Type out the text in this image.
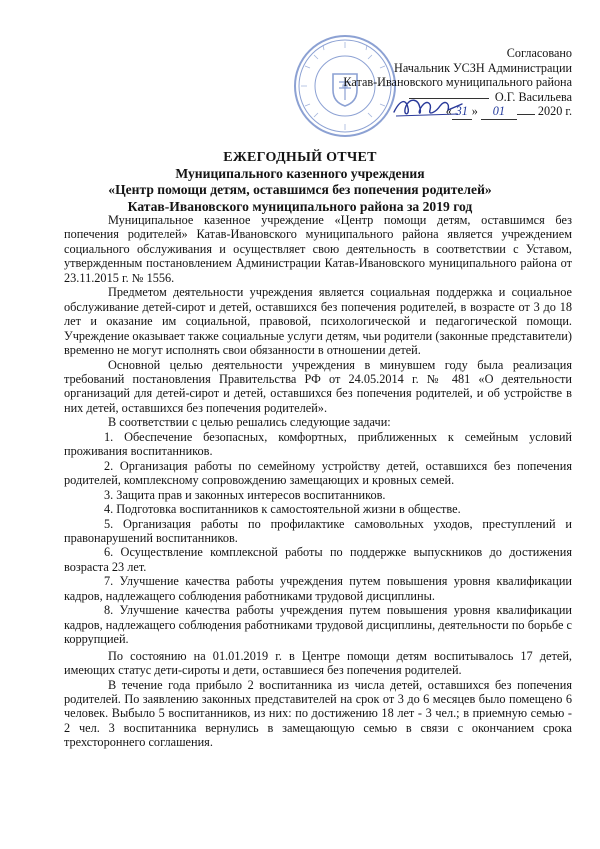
Согласовано
Начальник УСЗН Администрации
Катав-Ивановского муниципального района
О.Г. Васильева
« 31 » 01	2020 г.
ЕЖЕГОДНЫЙ ОТЧЕТ
Муниципального казенного учреждения
«Центр помощи детям, оставшимся без попечения родителей»
Катав-Ивановского муниципального района за 2019 год

Муниципальное казенное учреждение «Центр помощи детям, оставшимся без попечения родителей» Катав-Ивановского муниципального района является учреждением социального обслуживания и осуществляет свою деятельность в соответствии с Уставом, утвержденным постановлением Администрации Катав-Ивановского муниципального района от 23.11.2015 г. № 1556.

Предметом деятельности учреждения является социальная поддержка и социальное обслуживание детей-сирот и детей, оставшихся без попечения родителей, в возрасте от 3 до 18 лет и оказание им социальной, правовой, психологической и педагогической помощи. Учреждение оказывает также социальные услуги детям, чьи родители (законные представители) временно не могут исполнять свои обязанности в отношении детей.

Основной целью деятельности учреждения в минувшем году была реализация требований постановления Правительства РФ от 24.05.2014 г. № 481 «О деятельности организаций для детей-сирот и детей, оставшихся без попечения родителей, и об устройстве в них детей, оставшихся без попечения родителей».

В соответствии с целью решались следующие задачи:

1. Обеспечение безопасных, комфортных, приближенных к семейным условий проживания воспитанников.

2. Организация работы по семейному устройству детей, оставшихся без попечения родителей, комплексному сопровождению замещающих и кровных семей.

3. Защита прав и законных интересов воспитанников.

4. Подготовка воспитанников к самостоятельной жизни в обществе.

5. Организация работы по профилактике самовольных уходов, преступлений и правонарушений воспитанников.

6. Осуществление комплексной работы по поддержке выпускников до достижения возраста 23 лет.

7. Улучшение качества работы учреждения путем повышения уровня квалификации кадров, надлежащего соблюдения работниками трудовой дисциплины.

8. Улучшение качества работы учреждения путем повышения уровня квалификации кадров, надлежащего соблюдения работниками трудовой дисциплины, деятельности по борьбе с коррупцией.

По состоянию на 01.01.2019 г. в Центре помощи детям воспитывалось 17 детей, имеющих статус дети-сироты и дети, оставшиеся без попечения родителей.

В течение года прибыло 2 воспитанника из числа детей, оставшихся без попечения родителей. По заявлению законных представителей на срок от 3 до 6 месяцев было помещено 6 человек. Выбыло 5 воспитанников, из них: по достижению 18 лет - 3 чел.; в приемную семью - 2 чел. 3 воспитанника вернулись в замещающую семью в связи с окончанием срока трехстороннего соглашения.
